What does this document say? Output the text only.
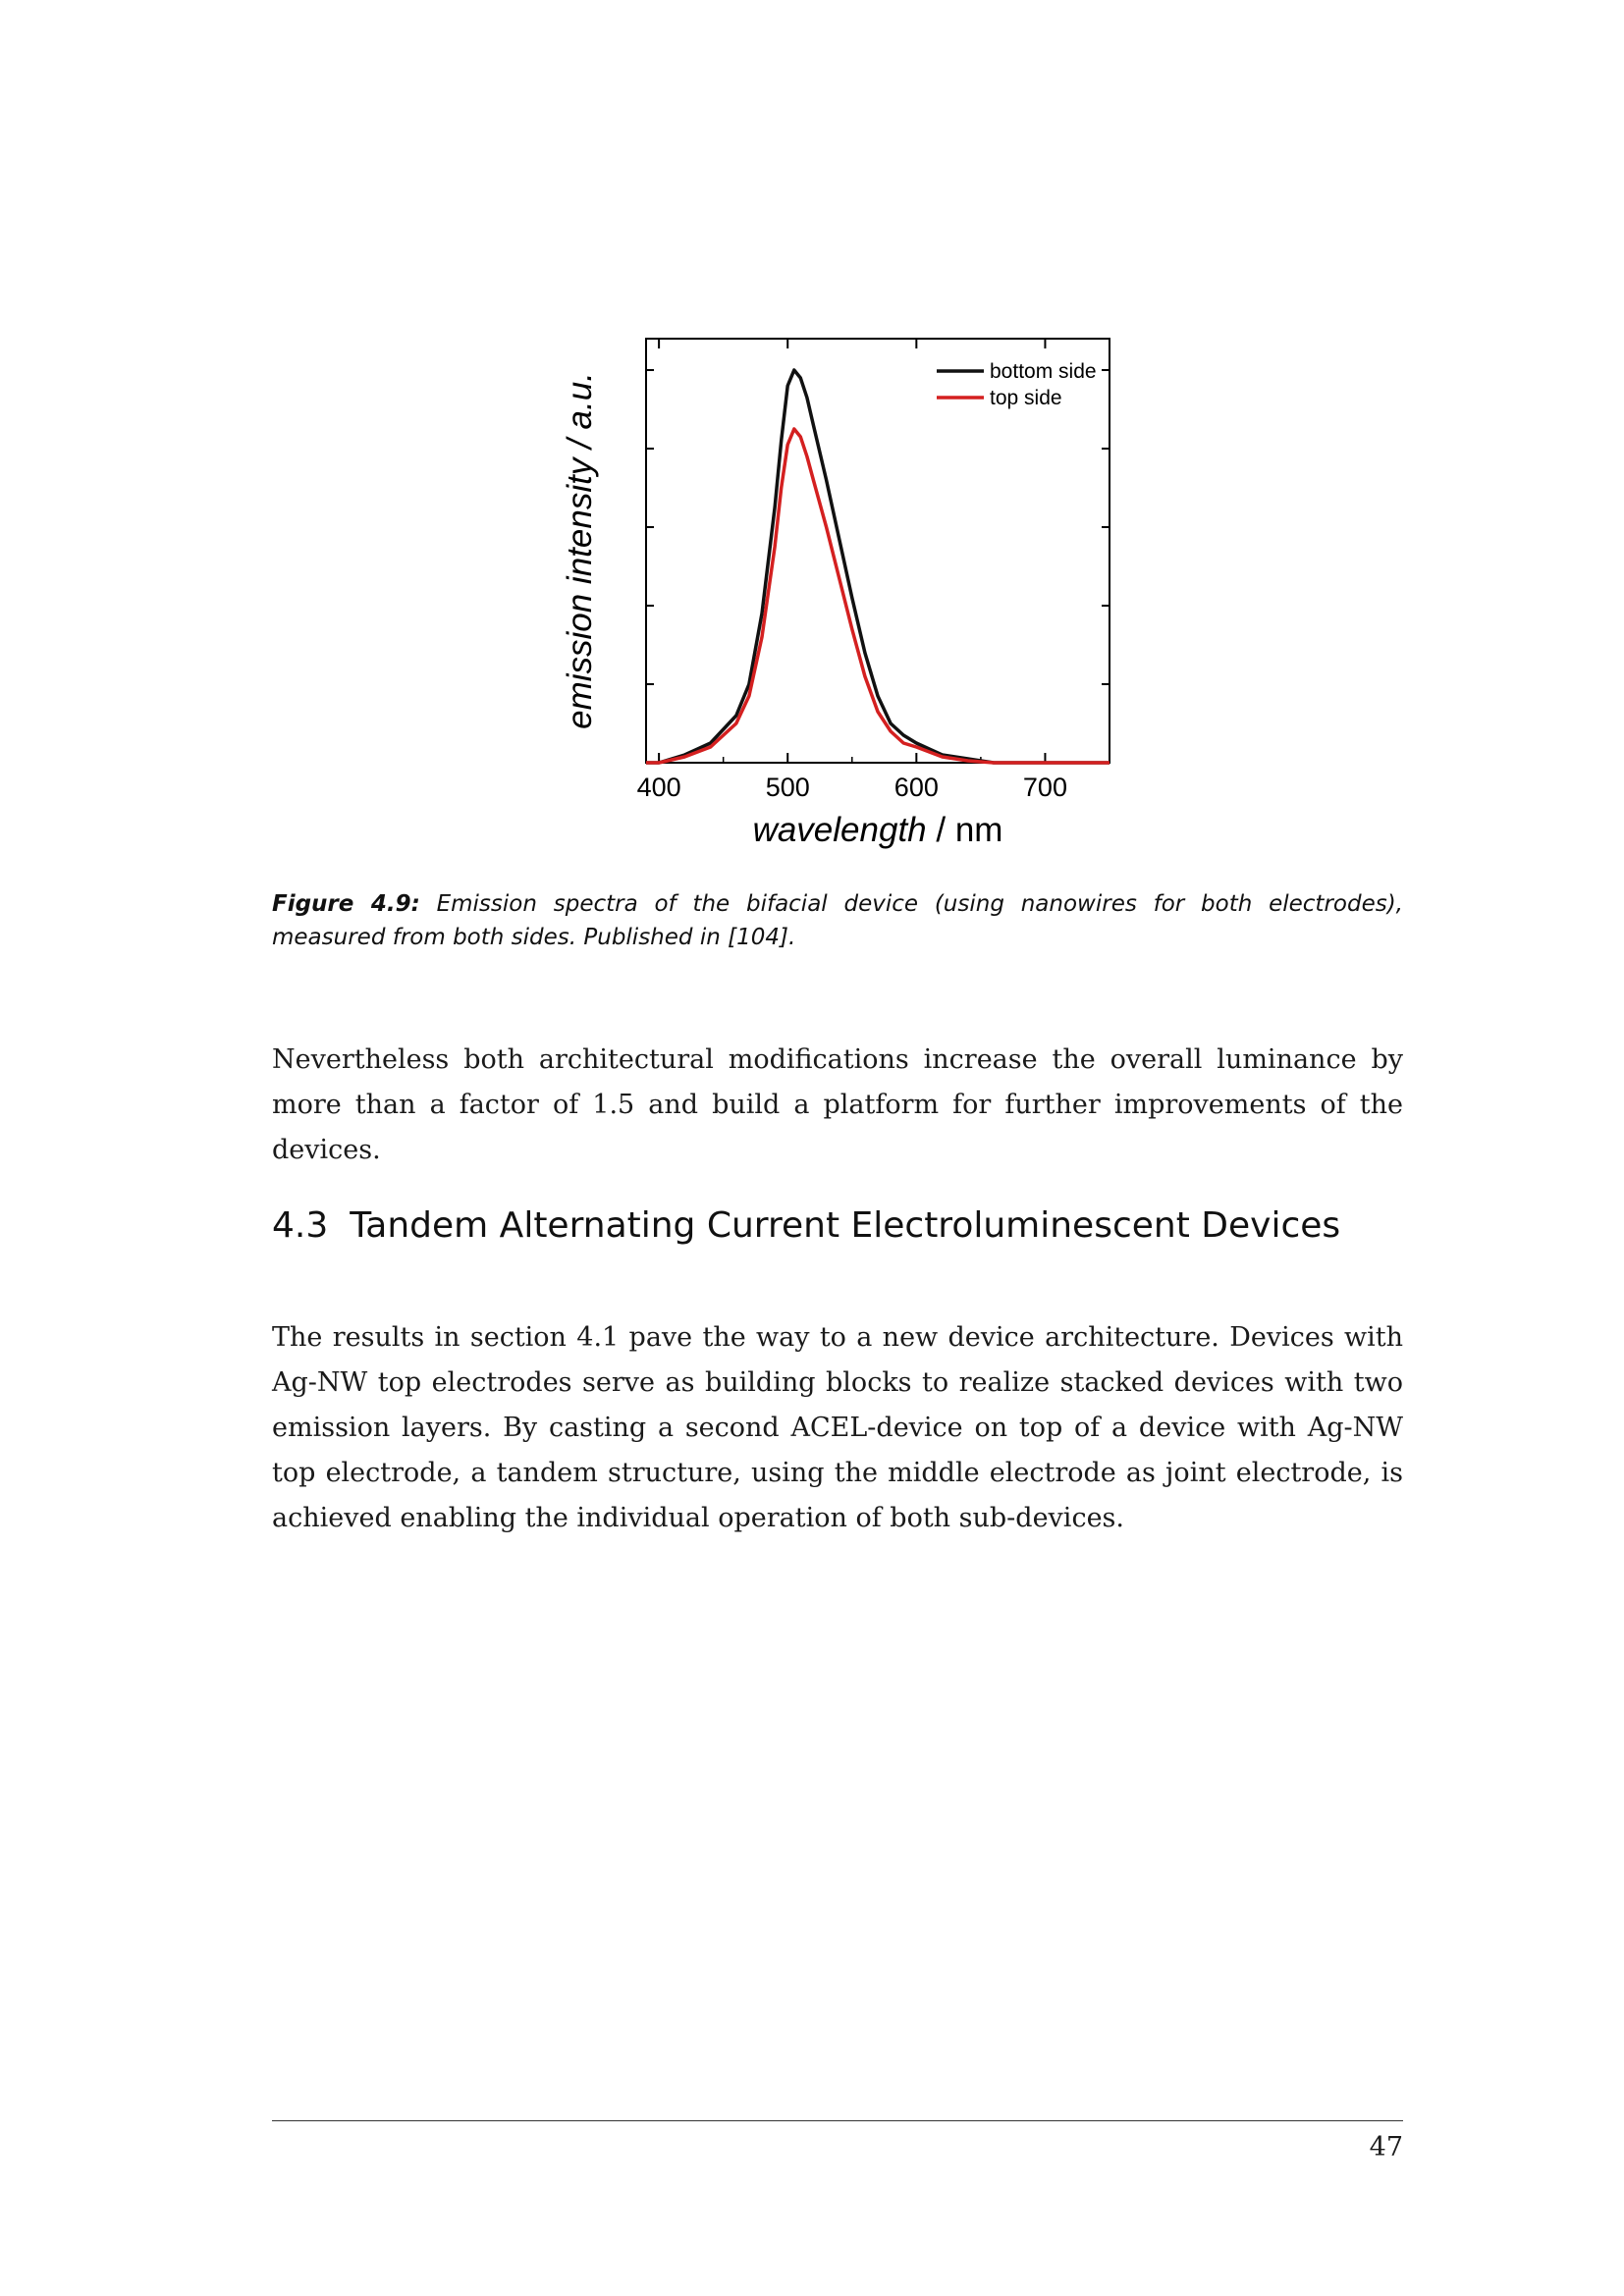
400	500	600	700
bottom side
top side
wavelength / nm
emission intensity / a.u.
Figure 4.9: Emission spectra of the bifacial device (using nanowires for both electrodes), measured from both sides. Published in [104].

Nevertheless both architectural modifications increase the overall luminance by more than a factor of 1.5 and build a platform for further improvements of the devices.

4.3 Tandem Alternating Current Electroluminescent Devices

The results in section 4.1 pave the way to a new device architecture. Devices with Ag-NW top electrodes serve as building blocks to realize stacked devices with two emission layers. By casting a second ACEL-device on top of a device with Ag-NW top electrode, a tandem structure, using the middle electrode as joint electrode, is achieved enabling the individual operation of both sub-devices.

47
